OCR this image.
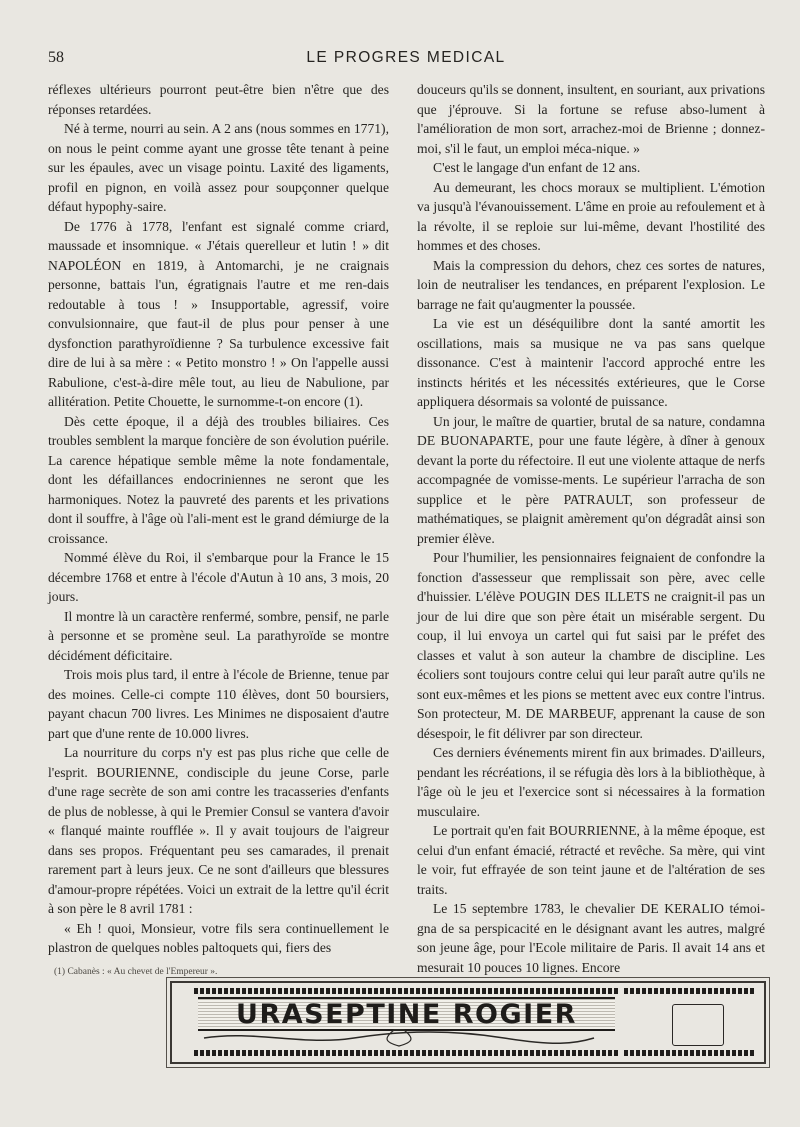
58	LE PROGRES MEDICAL

réflexes ultérieurs pourront peut-être bien n'être que des réponses retardées.

Né à terme, nourri au sein. A 2 ans (nous sommes en 1771), on nous le peint comme ayant une grosse tête tenant à peine sur les épaules, avec un visage pointu. Laxité des ligaments, profil en pignon, en voilà assez pour soupçonner quelque défaut hypophy-saire.

De 1776 à 1778, l'enfant est signalé comme criard, maussade et insomnique. « J'étais querelleur et lutin ! » dit NAPOLÉON en 1819, à Antomarchi, je ne craignais personne, battais l'un, égratignais l'autre et me ren-dais redoutable à tous ! » Insupportable, agressif, voire convulsionnaire, que faut-il de plus pour penser à une dysfonction parathyroïdienne ? Sa turbulence excessive fait dire de lui à sa mère : « Petito monstro ! » On l'appelle aussi Rabulione, c'est-à-dire mêle tout, au lieu de Nabulione, par allitération. Petite Chouette, le surnomme-t-on encore (1).

Dès cette époque, il a déjà des troubles biliaires. Ces troubles semblent la marque foncière de son évolution puérile. La carence hépatique semble même la note fondamentale, dont les défaillances endocriniennes ne seront que les harmoniques. Notez la pauvreté des parents et les privations dont il souffre, à l'âge où l'ali-ment est le grand démiurge de la croissance.

Nommé élève du Roi, il s'embarque pour la France le 15 décembre 1768 et entre à l'école d'Autun à 10 ans, 3 mois, 20 jours.

Il montre là un caractère renfermé, sombre, pensif, ne parle à personne et se promène seul. La parathyroïde se montre décidément déficitaire.

Trois mois plus tard, il entre à l'école de Brienne, tenue par des moines. Celle-ci compte 110 élèves, dont 50 boursiers, payant chacun 700 livres. Les Minimes ne disposaient d'autre part que d'une rente de 10.000 livres.

La nourriture du corps n'y est pas plus riche que celle de l'esprit. BOURIENNE, condisciple du jeune Corse, parle d'une rage secrète de son ami contre les tracasseries d'enfants de plus de noblesse, à qui le Premier Consul se vantera d'avoir « flanqué mainte roufflée ». Il y avait toujours de l'aigreur dans ses propos. Fréquentant peu ses camarades, il prenait rarement part à leurs jeux. Ce ne sont d'ailleurs que blessures d'amour-propre répétées. Voici un extrait de la lettre qu'il écrit à son père le 8 avril 1781 :

« Eh ! quoi, Monsieur, votre fils sera continuellement le plastron de quelques nobles paltoquets qui, fiers des

(1) Cabanès : « Au chevet de l'Empereur ».

douceurs qu'ils se donnent, insultent, en souriant, aux privations que j'éprouve. Si la fortune se refuse abso-lument à l'amélioration de mon sort, arrachez-moi de Brienne ; donnez-moi, s'il le faut, un emploi méca-nique. »

C'est le langage d'un enfant de 12 ans.

Au demeurant, les chocs moraux se multiplient. L'émotion va jusqu'à l'évanouissement. L'âme en proie au refoulement et à la révolte, il se reploie sur lui-même, devant l'hostilité des hommes et des choses.

Mais la compression du dehors, chez ces sortes de natures, loin de neutraliser les tendances, en préparent l'explosion. Le barrage ne fait qu'augmenter la poussée.

La vie est un déséquilibre dont la santé amortit les oscillations, mais sa musique ne va pas sans quelque dissonance. C'est à maintenir l'accord approché entre les instincts hérités et les nécessités extérieures, que le Corse appliquera désormais sa volonté de puissance.

Un jour, le maître de quartier, brutal de sa nature, condamna DE BUONAPARTE, pour une faute légère, à dîner à genoux devant la porte du réfectoire. Il eut une violente attaque de nerfs accompagnée de vomisse-ments. Le supérieur l'arracha de son supplice et le père PATRAULT, son professeur de mathématiques, se plaignit amèrement qu'on dégradât ainsi son premier élève.

Pour l'humilier, les pensionnaires feignaient de confondre la fonction d'assesseur que remplissait son père, avec celle d'huissier. L'élève POUGIN DES ILLETS ne craignit-il pas un jour de lui dire que son père était un misérable sergent. Du coup, il lui envoya un cartel qui fut saisi par le préfet des classes et valut à son auteur la chambre de discipline. Les écoliers sont toujours contre celui qui leur paraît autre qu'ils ne sont eux-mêmes et les pions se mettent avec eux contre l'intrus. Son protecteur, M. DE MARBEUF, apprenant la cause de son désespoir, le fit délivrer par son directeur.

Ces derniers événements mirent fin aux brimades. D'ailleurs, pendant les récréations, il se réfugia dès lors à la bibliothèque, à l'âge où le jeu et l'exercice sont si nécessaires à la formation musculaire.

Le portrait qu'en fait BOURRIENNE, à la même époque, est celui d'un enfant émacié, rétracté et revêche. Sa mère, qui vint le voir, fut effrayée de son teint jaune et de l'altération de ses traits.

Le 15 septembre 1783, le chevalier DE KERALIO témoi-gna de sa perspicacité en le désignant avant les autres, malgré son jeune âge, pour l'Ecole militaire de Paris. Il avait 14 ans et mesurait 10 pouces 10 lignes. Encore

URASEPTINE ROGIER
